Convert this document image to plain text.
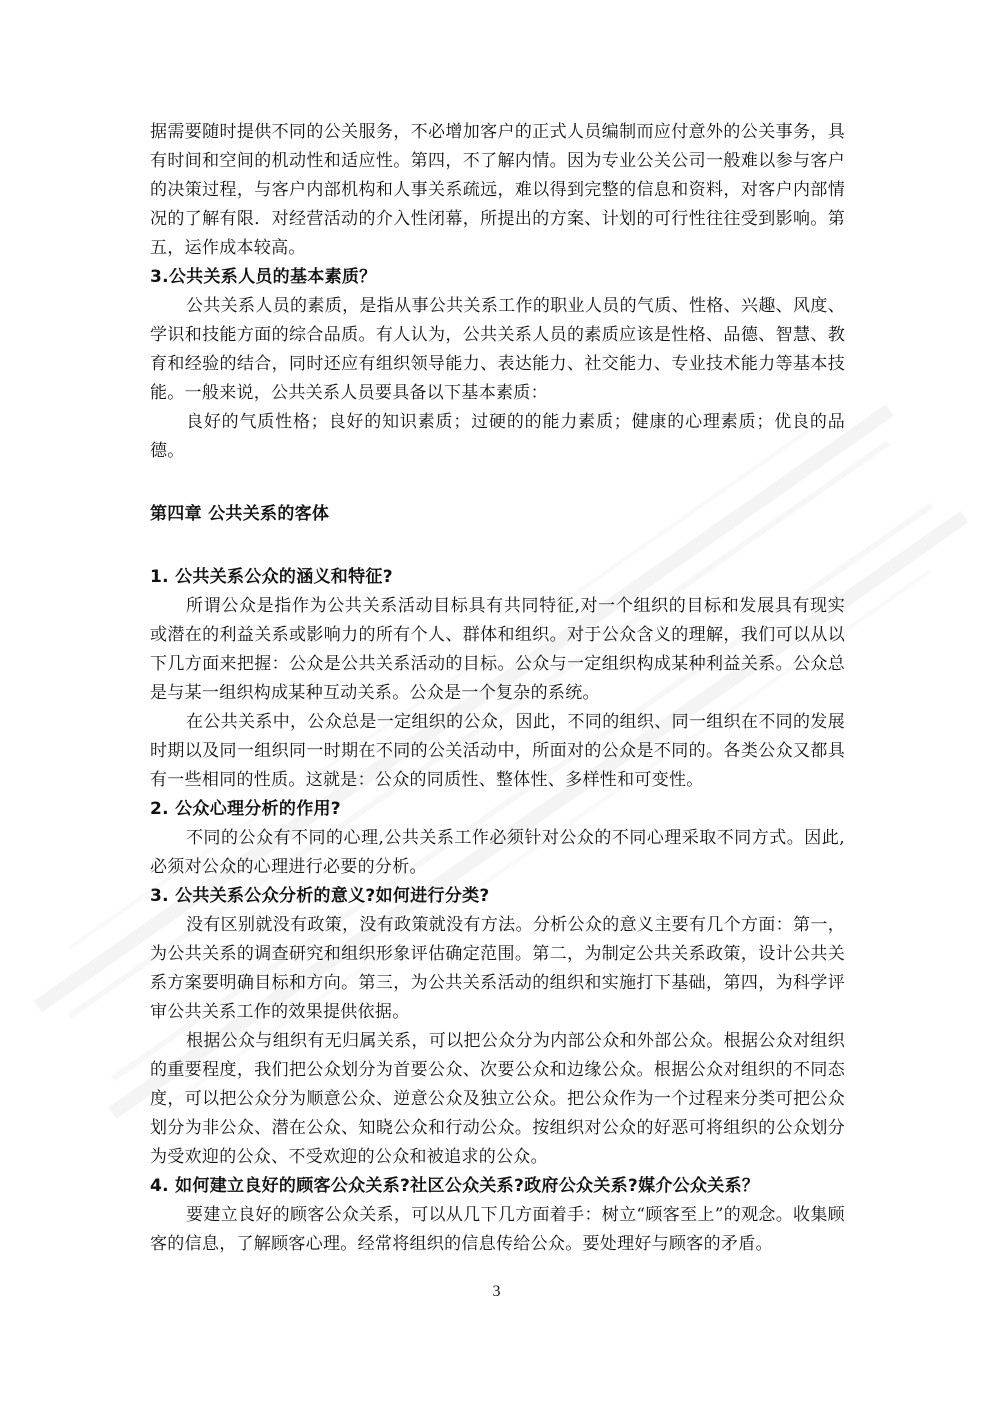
据需要随时提供不同的公关服务，不必增加客户的正式人员编制而应付意外的公关事务，具有时间和空间的机动性和适应性。第四，不了解内情。因为专业公关公司一般难以参与客户的决策过程，与客户内部机构和人事关系疏远，难以得到完整的信息和资料，对客户内部情况的了解有限．对经营活动的介入性闭幕，所提出的方案、计划的可行性往往受到影响。第五，运作成本较高。

3.公共关系人员的基本素质？

公共关系人员的素质，是指从事公共关系工作的职业人员的气质、性格、兴趣、风度、学识和技能方面的综合品质。有人认为，公共关系人员的素质应该是性格、品德、智慧、教育和经验的结合，同时还应有组织领导能力、表达能力、社交能力、专业技术能力等基本技能。一般来说，公共关系人员要具备以下基本素质：

良好的气质性格；良好的知识素质；过硬的的能力素质；健康的心理素质；优良的品德。

第四章 公共关系的客体

1. 公共关系公众的涵义和特征?

所谓公众是指作为公共关系活动目标具有共同特征,对一个组织的目标和发展具有现实或潜在的利益关系或影响力的所有个人、群体和组织。对于公众含义的理解，我们可以从以下几方面来把握：公众是公共关系活动的目标。公众与一定组织构成某种利益关系。公众总是与某一组织构成某种互动关系。公众是一个复杂的系统。

在公共关系中，公众总是一定组织的公众，因此，不同的组织、同一组织在不同的发展时期以及同一组织同一时期在不同的公关活动中，所面对的公众是不同的。各类公众又都具有一些相同的性质。这就是：公众的同质性、整体性、多样性和可变性。

2. 公众心理分析的作用?

不同的公众有不同的心理,公共关系工作必须针对公众的不同心理采取不同方式。因此,必须对公众的心理进行必要的分析。

3. 公共关系公众分析的意义?如何进行分类?

没有区别就没有政策，没有政策就没有方法。分析公众的意义主要有几个方面：第一，为公共关系的调查研究和组织形象评估确定范围。第二，为制定公共关系政策，设计公共关系方案要明确目标和方向。第三，为公共关系活动的组织和实施打下基础，第四，为科学评审公共关系工作的效果提供依据。

根据公众与组织有无归属关系，可以把公众分为内部公众和外部公众。根据公众对组织的重要程度，我们把公众划分为首要公众、次要公众和边缘公众。根据公众对组织的不同态度，可以把公众分为顺意公众、逆意公众及独立公众。把公众作为一个过程来分类可把公众划分为非公众、潜在公众、知晓公众和行动公众。按组织对公众的好恶可将组织的公众划分为受欢迎的公众、不受欢迎的公众和被追求的公众。

4. 如何建立良好的顾客公众关系?社区公众关系?政府公众关系?媒介公众关系？

要建立良好的顾客公众关系，可以从几下几方面着手：树立“顾客至上”的观念。收集顾客的信息，了解顾客心理。经常将组织的信息传给公众。要处理好与顾客的矛盾。

3
